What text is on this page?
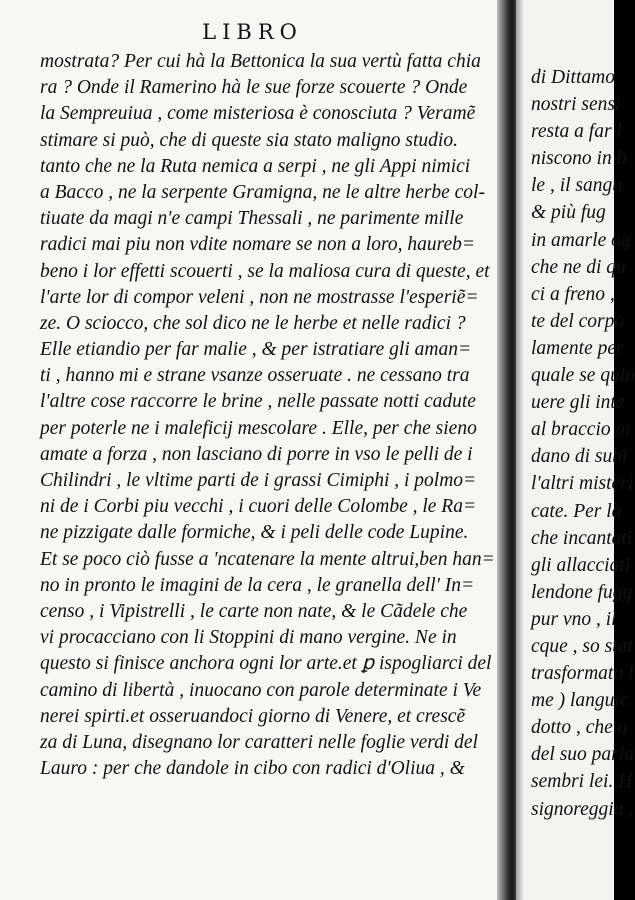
LIBRO
mostrata? Per cui hà la Bettonica la sua vertù fatta chia
ra ? Onde il Ramerino hà le sue forze scouerte ? Onde
la Sempreuiua , come misteriosa è conosciuta ? Veramẽ
stimare si può, che di queste sia stato maligno studio.
tanto che ne la Ruta nemica a serpi , ne gli Appi nimici
a Bacco , ne la serpente Gramigna, ne le altre herbe col-
tiuate da magi n'e campi Thessali , ne parimente mille
radici mai piu non vdite nomare se non a loro, haureb=
beno i lor effetti scouerti , se la maliosa cura di queste, et
l'arte lor di compor veleni , non ne mostrasse l'esperiẽ=
ze. O sciocco, che sol dico ne le herbe et nelle radici ?
Elle etiandio per far malie , & per istratiare gli aman=
ti , hanno mi e strane vsanze osseruate . ne cessano tra
l'altre cose raccorre le brine , nelle passate notti cadute
per poterle ne i maleficij mescolare . Elle, per che sieno
amate a forza , non lasciano di porre in vso le pelli de i
Chilindri , le vltime parti de i grassi Cimiphi , i polmo=
ni de i Corbi piu vecchi , i cuori delle Colombe , le Ra=
ne pizzigate dalle formiche, & i peli delle code Lupine.
Et se poco ciò fusse a 'ncatenare la mente altrui,ben han=
no in pronto le imagini de la cera , le granella dell' In=
censo , i Vipistrelli , le carte non nate, & le Cãdele che
vi procacciano con li Stoppini di mano vergine. Ne in
questo si finisce anchora ogni lor arte.et ꝑ ispogliarci del
camino di libertà , inuocano con parole determinate i Ve
nerei spirti.et osseruandoci giorno di Venere, et crescẽ
za di Luna, disegnano lor caratteri nelle foglie verdi del
Lauro : per che dandole in cibo con radici d'Oliua , &
di Dittamo
nostri sensi
resta a far l
niscono in b
le , il sangu
& più fug
in amarle og
che ne di qu
ci a freno ,
te del corpo
lamente per
quale se quin
uere gli inte
al braccio m
dano di subi
l'altri misteri
cate. Per la
che incantati
gli allacciati
lendone fugg
pur vno , il
cque , so stat
trasformato l
me ) languic
dotto , che a
del suo parla
sembri lei. H
signoreggia ,
